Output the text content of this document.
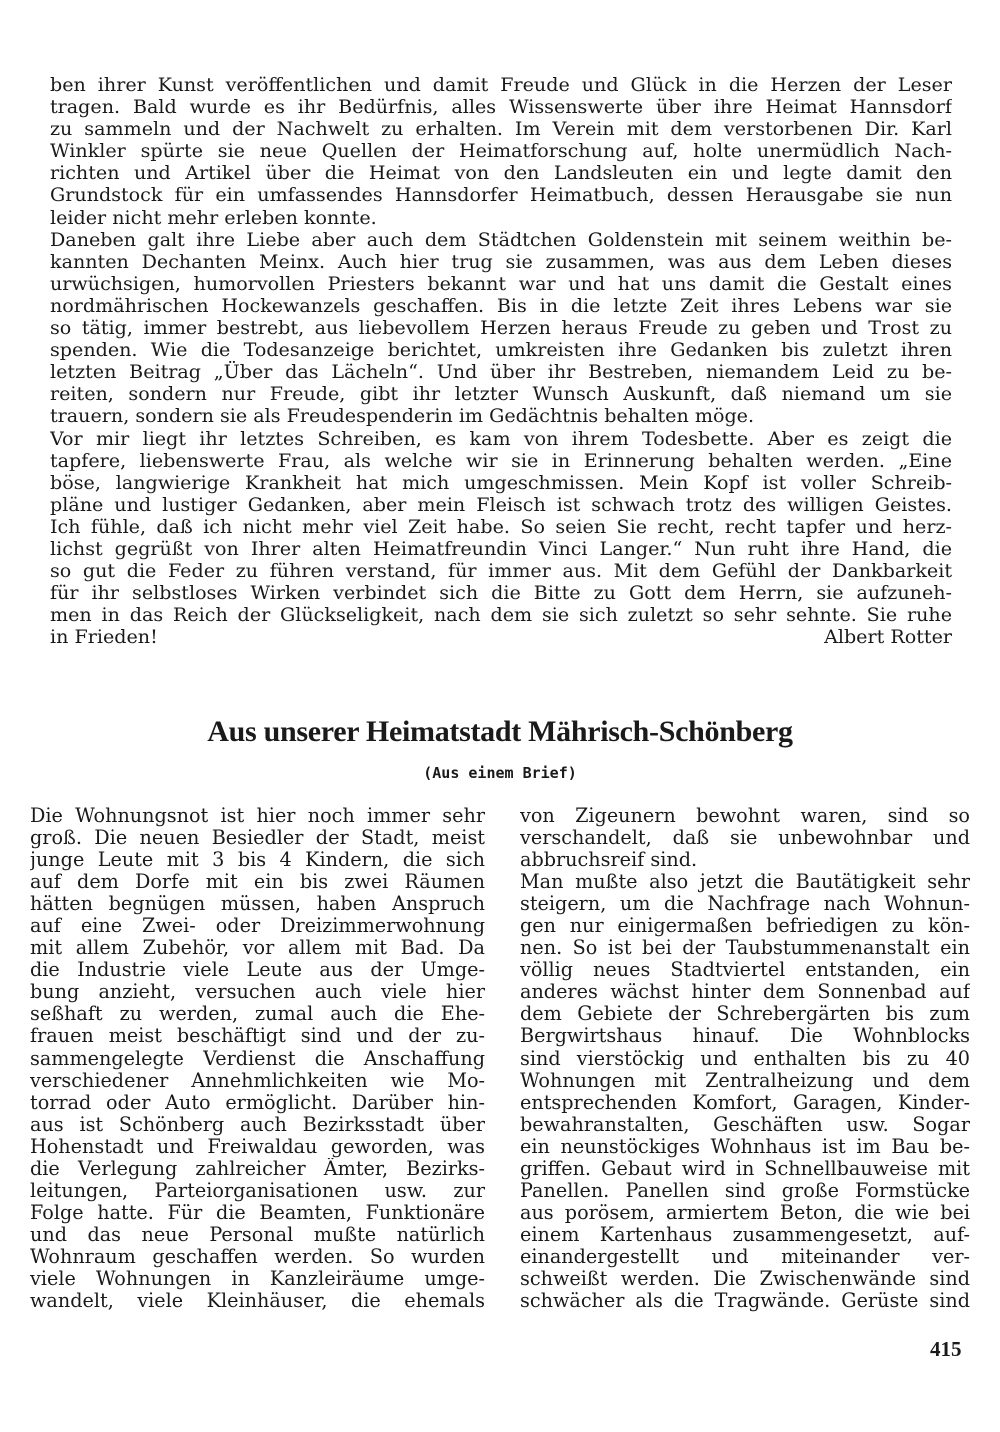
ben ihrer Kunst veröffentlichen und damit Freude und Glück in die Herzen der Leser
tragen. Bald wurde es ihr Bedürfnis, alles Wissenswerte über ihre Heimat Hannsdorf
zu sammeln und der Nachwelt zu erhalten. Im Verein mit dem verstorbenen Dir. Karl
Winkler spürte sie neue Quellen der Heimatforschung auf, holte unermüdlich Nach-
richten und Artikel über die Heimat von den Landsleuten ein und legte damit den
Grundstock für ein umfassendes Hannsdorfer Heimatbuch, dessen Herausgabe sie nun
leider nicht mehr erleben konnte.
Daneben galt ihre Liebe aber auch dem Städtchen Goldenstein mit seinem weithin be-
kannten Dechanten Meinx. Auch hier trug sie zusammen, was aus dem Leben dieses
urwüchsigen, humorvollen Priesters bekannt war und hat uns damit die Gestalt eines
nordmährischen Hockewanzels geschaffen. Bis in die letzte Zeit ihres Lebens war sie
so tätig, immer bestrebt, aus liebevollem Herzen heraus Freude zu geben und Trost zu
spenden. Wie die Todesanzeige berichtet, umkreisten ihre Gedanken bis zuletzt ihren
letzten Beitrag „Über das Lächeln“. Und über ihr Bestreben, niemandem Leid zu be-
reiten, sondern nur Freude, gibt ihr letzter Wunsch Auskunft, daß niemand um sie
trauern, sondern sie als Freudespenderin im Gedächtnis behalten möge.
Vor mir liegt ihr letztes Schreiben, es kam von ihrem Todesbette. Aber es zeigt die
tapfere, liebenswerte Frau, als welche wir sie in Erinnerung behalten werden. „Eine
böse, langwierige Krankheit hat mich umgeschmissen. Mein Kopf ist voller Schreib-
pläne und lustiger Gedanken, aber mein Fleisch ist schwach trotz des willigen Geistes.
Ich fühle, daß ich nicht mehr viel Zeit habe. So seien Sie recht, recht tapfer und herz-
lichst gegrüßt von Ihrer alten Heimatfreundin Vinci Langer.“ Nun ruht ihre Hand, die
so gut die Feder zu führen verstand, für immer aus. Mit dem Gefühl der Dankbarkeit
für ihr selbstloses Wirken verbindet sich die Bitte zu Gott dem Herrn, sie aufzuneh-
men in das Reich der Glückseligkeit, nach dem sie sich zuletzt so sehr sehnte. Sie ruhe
in Frieden!	Albert Rotter
Aus unserer Heimatstadt Mährisch-Schönberg
(Aus einem Brief)
Die Wohnungsnot ist hier noch immer sehr
groß. Die neuen Besiedler der Stadt, meist
junge Leute mit 3 bis 4 Kindern, die sich
auf dem Dorfe mit ein bis zwei Räumen
hätten begnügen müssen, haben Anspruch
auf eine Zwei- oder Dreizimmerwohnung
mit allem Zubehör, vor allem mit Bad. Da
die Industrie viele Leute aus der Umge-
bung anzieht, versuchen auch viele hier
seßhaft zu werden, zumal auch die Ehe-
frauen meist beschäftigt sind und der zu-
sammengelegte Verdienst die Anschaffung
verschiedener Annehmlichkeiten wie Mo-
torrad oder Auto ermöglicht. Darüber hin-
aus ist Schönberg auch Bezirksstadt über
Hohenstadt und Freiwaldau geworden, was
die Verlegung zahlreicher Ämter, Bezirks-
leitungen, Parteiorganisationen usw. zur
Folge hatte. Für die Beamten, Funktionäre
und das neue Personal mußte natürlich
Wohnraum geschaffen werden. So wurden
viele Wohnungen in Kanzleiräume umge-
wandelt, viele Kleinhäuser, die ehemals
von Zigeunern bewohnt waren, sind so
verschandelt, daß sie unbewohnbar und
abbruchsreif sind.
Man mußte also jetzt die Bautätigkeit sehr
steigern, um die Nachfrage nach Wohnun-
gen nur einigermaßen befriedigen zu kön-
nen. So ist bei der Taubstummenanstalt ein
völlig neues Stadtviertel entstanden, ein
anderes wächst hinter dem Sonnenbad auf
dem Gebiete der Schrebergärten bis zum
Bergwirtshaus hinauf. Die Wohnblocks
sind vierstöckig und enthalten bis zu 40
Wohnungen mit Zentralheizung und dem
entsprechenden Komfort, Garagen, Kinder-
bewahranstalten, Geschäften usw. Sogar
ein neunstöckiges Wohnhaus ist im Bau be-
griffen. Gebaut wird in Schnellbauweise mit
Panellen. Panellen sind große Formstücke
aus porösem, armiertem Beton, die wie bei
einem Kartenhaus zusammengesetzt, auf-
einandergestellt und miteinander ver-
schweißt werden. Die Zwischenwände sind
schwächer als die Tragwände. Gerüste sind
415
